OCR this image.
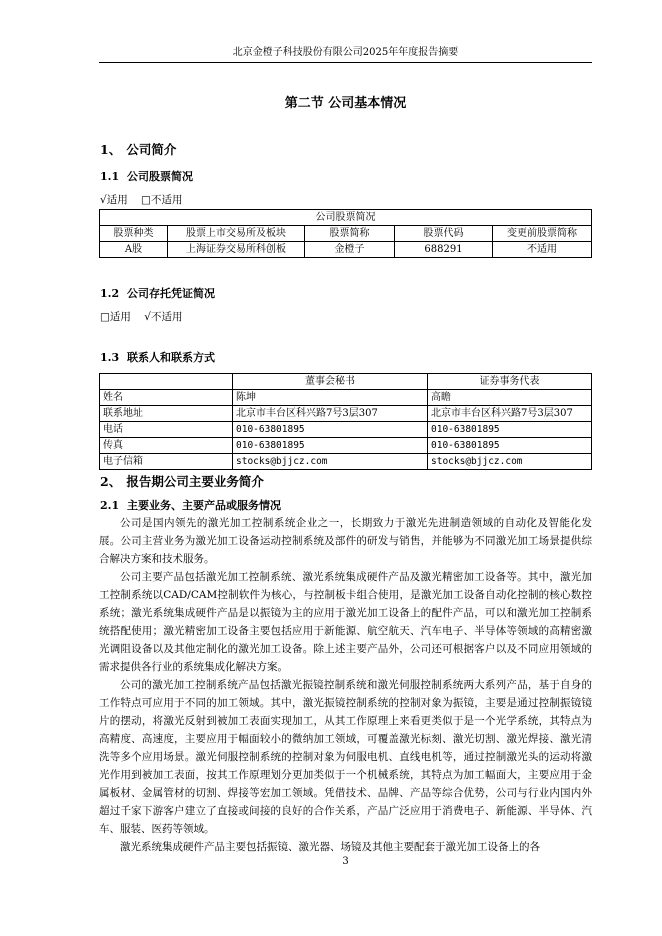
北京金橙子科技股份有限公司2025年年度报告摘要
第二节 公司基本情况
1、 公司简介
1.1 公司股票简况
√适用 □不适用
公司股票简况				
股票种类	股票上市交易所及板块	股票简称	股票代码	变更前股票简称
A股	上海证券交易所科创板	金橙子	688291	不适用
1.2 公司存托凭证简况
□适用 √不适用
1.3 联系人和联系方式
	董事会秘书	证券事务代表
姓名	陈坤	高瞻
联系地址	北京市丰台区科兴路7号3层307	北京市丰台区科兴路7号3层307
电话	010-63801895	010-63801895
传真	010-63801895	010-63801895
电子信箱	stocks@bjjcz.com	stocks@bjjcz.com
2、 报告期公司主要业务简介
2.1 主要业务、主要产品或服务情况

公司是国内领先的激光加工控制系统企业之一，长期致力于激光先进制造领域的自动化及智能化发展。公司主营业务为激光加工设备运动控制系统及部件的研发与销售，并能够为不同激光加工场景提供综合解决方案和技术服务。

公司主要产品包括激光加工控制系统、激光系统集成硬件产品及激光精密加工设备等。其中，激光加工控制系统以CAD/CAM控制软件为核心，与控制板卡组合使用，是激光加工设备自动化控制的核心数控系统；激光系统集成硬件产品是以振镜为主的应用于激光加工设备上的配件产品，可以和激光加工控制系统搭配使用；激光精密加工设备主要包括应用于新能源、航空航天、汽车电子、半导体等领域的高精密激光调阻设备以及其他定制化的激光加工设备。除上述主要产品外，公司还可根据客户以及不同应用领域的需求提供各行业的系统集成化解决方案。

公司的激光加工控制系统产品包括激光振镜控制系统和激光伺服控制系统两大系列产品，基于自身的工作特点可应用于不同的加工领域。其中，激光振镜控制系统的控制对象为振镜，主要是通过控制振镜镜片的摆动，将激光反射到被加工表面实现加工，从其工作原理上来看更类似于是一个光学系统，其特点为高精度、高速度，主要应用于幅面较小的微纳加工领域，可覆盖激光标刻、激光切割、激光焊接、激光清洗等多个应用场景。激光伺服控制系统的控制对象为伺服电机、直线电机等，通过控制激光头的运动将激光作用到被加工表面，按其工作原理划分更加类似于一个机械系统，其特点为加工幅面大，主要应用于金属板材、金属管材的切割、焊接等宏加工领域。凭借技术、品牌、产品等综合优势，公司与行业内国内外超过千家下游客户建立了直接或间接的良好的合作关系，产品广泛应用于消费电子、新能源、半导体、汽车、服装、医药等领域。

激光系统集成硬件产品主要包括振镜、激光器、场镜及其他主要配套于激光加工设备上的各

3
